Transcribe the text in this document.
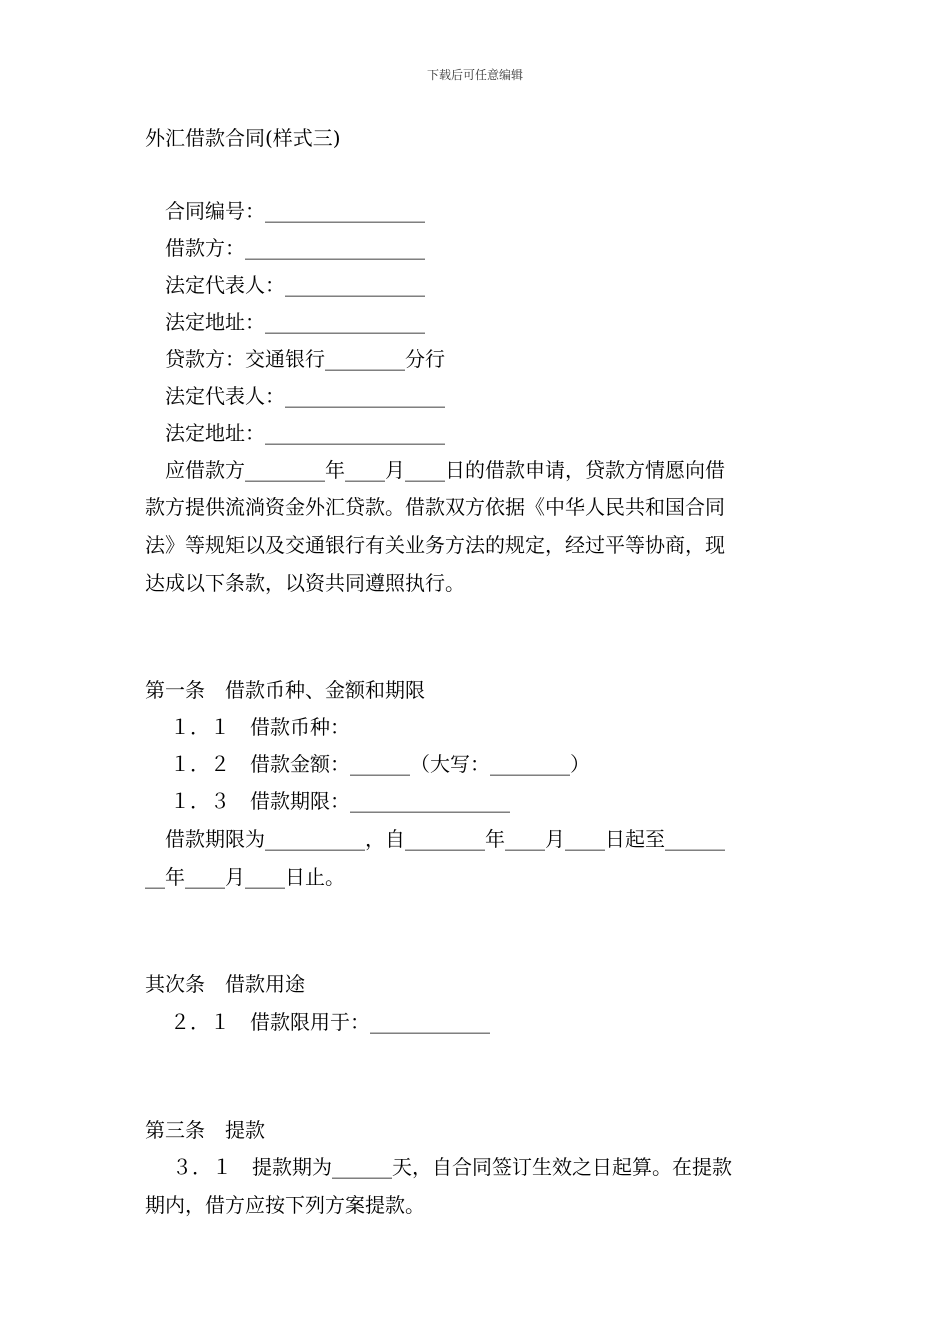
下载后可任意编辑
外汇借款合同(样式三)
合同编号：________________
借款方：__________________
法定代表人：______________
法定地址：________________
贷款方：交通银行________分行
法定代表人：________________
法定地址：__________________
应借款方________年____月____日的借款申请，贷款方情愿向借
款方提供流淌资金外汇贷款。借款双方依据《中华人民共和国合同
法》等规矩以及交通银行有关业务方法的规定，经过平等协商，现
达成以下条款，以资共同遵照执行。
第一条　借款币种、金额和期限
１．１　借款币种：
１．２　借款金额：______（大写：________）
１．３　借款期限：________________
借款期限为__________，自________年____月____日起至______
__年____月____日止。
其次条　借款用途
２．１　借款限用于：____________
第三条　提款
３．１　提款期为______天，自合同签订生效之日起算。在提款
期内，借方应按下列方案提款。
